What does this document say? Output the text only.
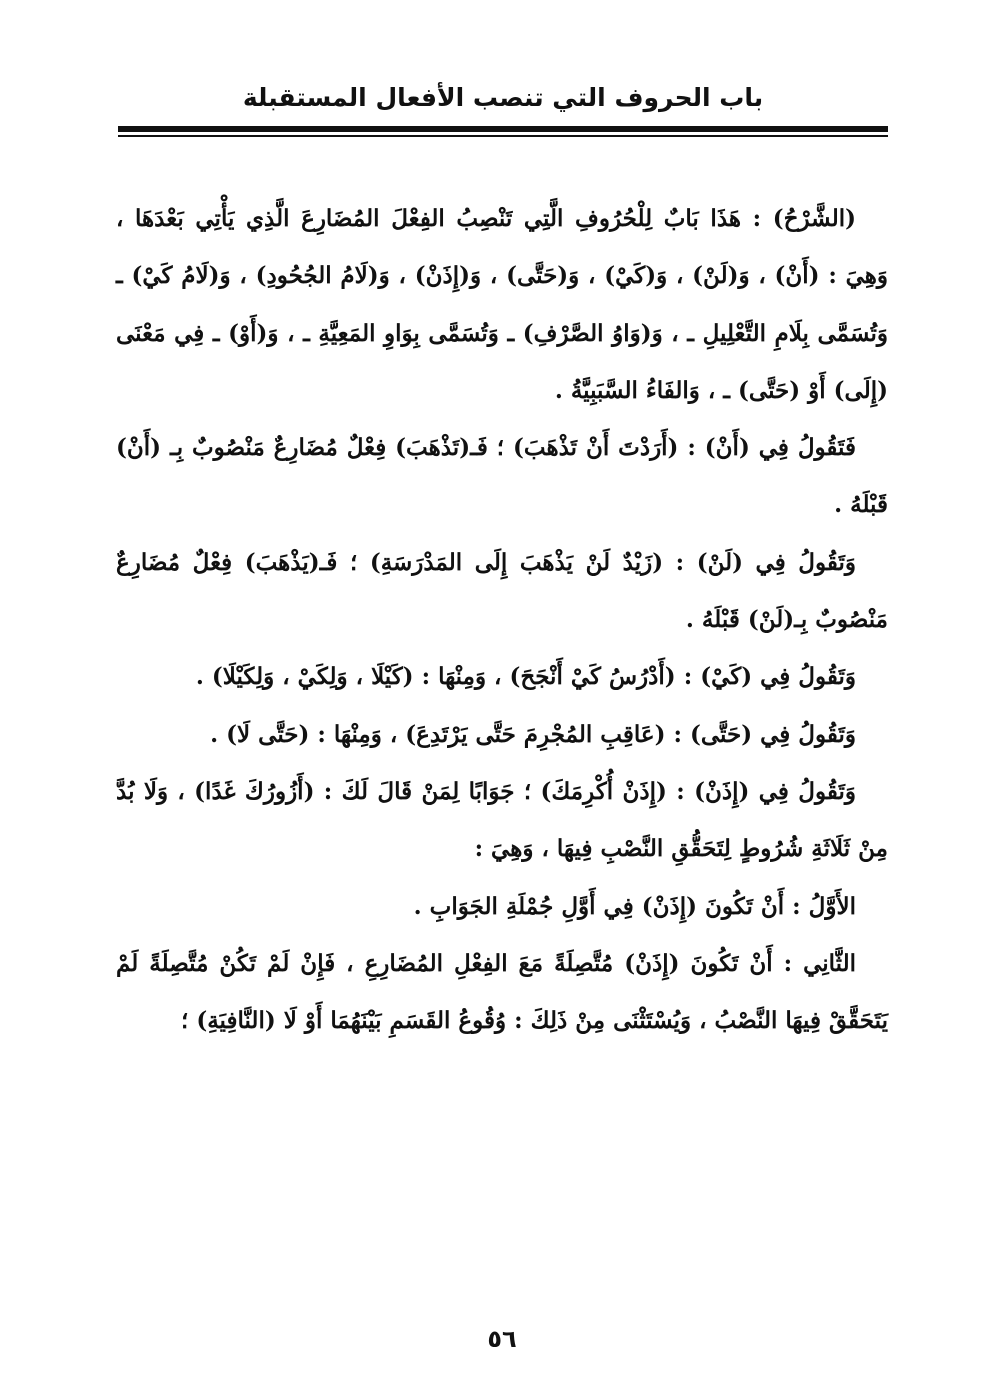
باب الحروف التي تنصب الأفعال المستقبلة

(الشَّرْحُ) : هَذَا بَابٌ لِلْحُرُوفِ الَّتِي تَنْصِبُ الفِعْلَ المُضَارِعَ الَّذِي يَأْتِي بَعْدَهَا ، وَهِيَ : (أَنْ) ، وَ(لَنْ) ، وَ(كَيْ) ، وَ(حَتَّى) ، وَ(إِذَنْ) ، وَ(لَامُ الجُحُودِ) ، وَ(لَامُ كَيْ) ـ وَتُسَمَّى بِلَامِ التَّعْلِيلِ ـ ، وَ(وَاوُ الصَّرْفِ) ـ وَتُسَمَّى بِوَاوِ المَعِيَّةِ ـ ، وَ(أَوْ) ـ فِي مَعْنَى (إِلَى) أَوْ (حَتَّى) ـ ، وَالفَاءُ السَّبَبِيَّةُ .

فَتَقُولُ فِي (أَنْ) : (أَرَدْتَ أَنْ تَذْهَبَ) ؛ فَـ(تَذْهَبَ) فِعْلٌ مُضَارِعٌ مَنْصُوبٌ بِـ (أَنْ) قَبْلَهُ .

وَتَقُولُ فِي (لَنْ) : (زَيْدٌ لَنْ يَذْهَبَ إِلَى المَدْرَسَةِ) ؛ فَـ(يَذْهَبَ) فِعْلٌ مُضَارِعٌ مَنْصُوبٌ بِـ(لَنْ) قَبْلَهُ .

وَتَقُولُ فِي (كَيْ) : (أَدْرُسُ كَيْ أَنْجَحَ) ، وَمِنْهَا : (كَيْلَا ، وَلِكَيْ ، وَلِكَيْلَا) .

وَتَقُولُ فِي (حَتَّى) : (عَاقِبِ المُجْرِمَ حَتَّى يَرْتَدِعَ) ، وَمِنْهَا : (حَتَّى لَا) .

وَتَقُولُ فِي (إِذَنْ) : (إِذَنْ أُكْرِمَكَ) ؛ جَوَابًا لِمَنْ قَالَ لَكَ : (أَزُورُكَ غَدًا) ، وَلَا بُدَّ مِنْ ثَلَاثَةِ شُرُوطٍ لِتَحَقُّقِ النَّصْبِ فِيهَا ، وَهِيَ :

الأَوَّلُ : أَنْ تَكُونَ (إِذَنْ) فِي أَوَّلِ جُمْلَةِ الجَوَابِ .

الثَّانِي : أَنْ تَكُونَ (إِذَنْ) مُتَّصِلَةً مَعَ الفِعْلِ المُضَارِعِ ، فَإِنْ لَمْ تَكُنْ مُتَّصِلَةً لَمْ يَتَحَقَّقْ فِيهَا النَّصْبُ ، وَيُسْتَثْنَى مِنْ ذَلِكَ : وُقُوعُ القَسَمِ بَيْنَهُمَا أَوْ لَا (النَّافِيَةِ) ؛

٥٦
